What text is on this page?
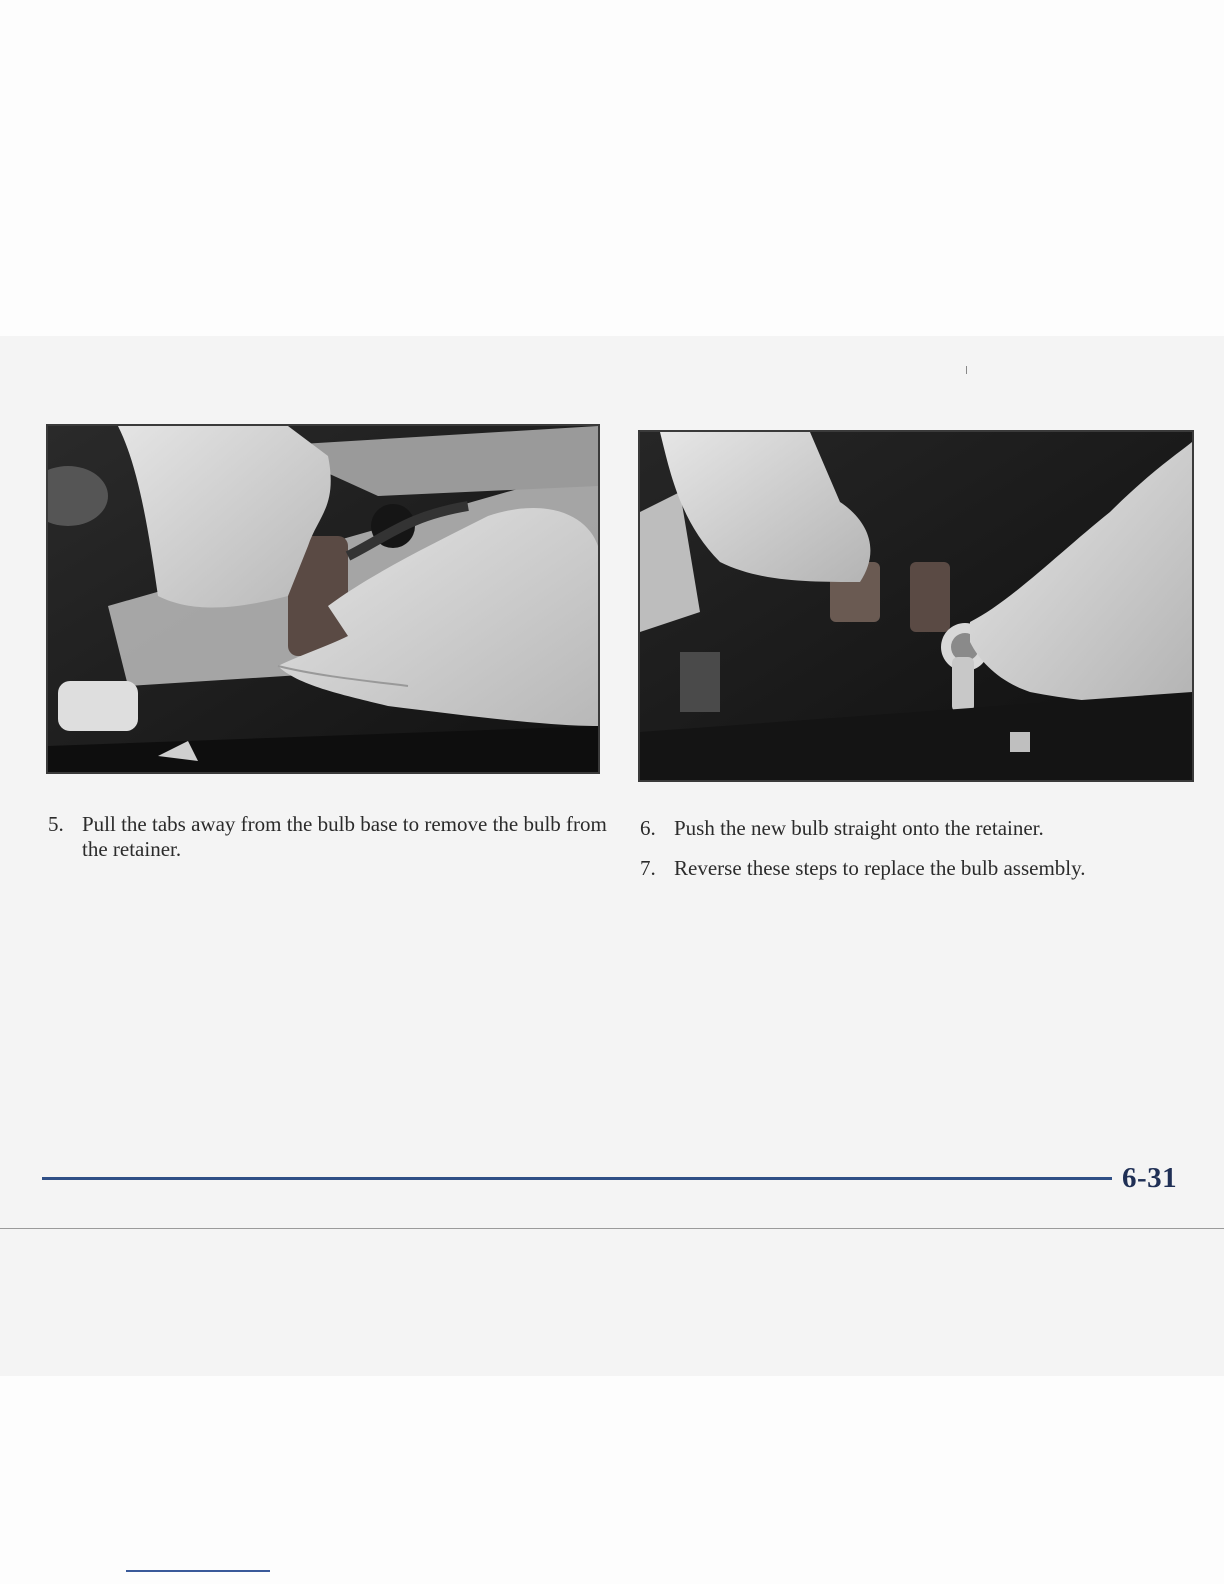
5. Pull the tabs away from the bulb base to remove the bulb from the retainer.
6. Push the new bulb straight onto the retainer.
7. Reverse these steps to replace the bulb assembly.
6-31
